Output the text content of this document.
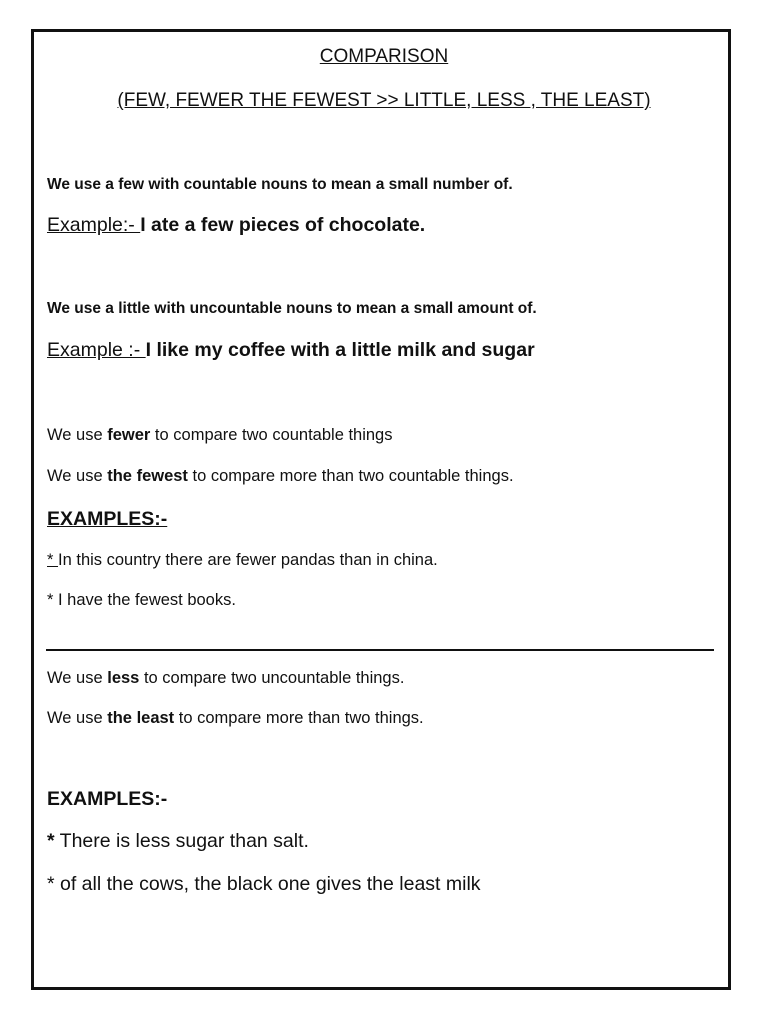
COMPARISON
(FEW, FEWER THE FEWEST >> LITTLE, LESS , THE LEAST)
We use a few with countable nouns to mean a small number of.
Example:- I ate a few pieces of chocolate.
We use a little with uncountable nouns to mean a small amount of.
Example :- I like my coffee with a little milk and sugar
We use fewer to compare two countable things
We use the fewest to compare more than two countable things.
EXAMPLES:-
* In this country there are fewer pandas than in china.
* I have the fewest books.
We use less to compare two uncountable things.
We use the least to compare more than two things.
EXAMPLES:-
* There is less sugar than salt.
* of all the cows, the black one gives the least milk
